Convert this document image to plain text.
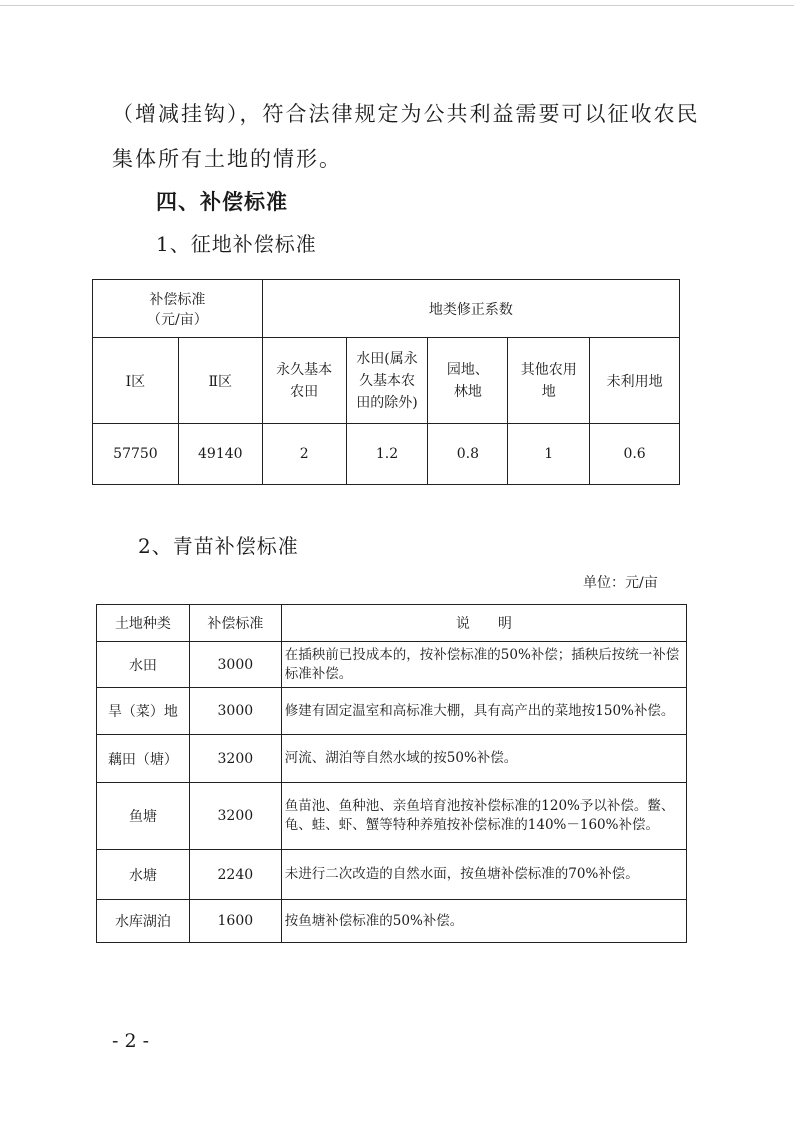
（增减挂钩），符合法律规定为公共利益需要可以征收农民
集体所有土地的情形。
四、补偿标准
1、征地补偿标准
补偿标准
（元/亩）		地类修正系数				
Ⅰ区	Ⅱ区	永久基本农田	水田(属永久基本农田的除外)	园地、林地	其他农用地	未利用地
57750	49140	2	1.2	0.8	1	0.6
2、青苗补偿标准
单位：元/亩
土地种类	补偿标准	说　　明
水田	3000	在插秧前已投成本的，按补偿标准的50%补偿；插秧后按统一补偿标准补偿。
旱（菜）地	3000	修建有固定温室和高标准大棚，具有高产出的菜地按150%补偿。
藕田（塘）	3200	河流、湖泊等自然水域的按50%补偿。
鱼塘	3200	鱼苗池、鱼种池、亲鱼培育池按补偿标准的120%予以补偿。鳖、龟、蛙、虾、蟹等特种养殖按补偿标准的140%－160%补偿。
水塘	2240	未进行二次改造的自然水面，按鱼塘补偿标准的70%补偿。
水库湖泊	1600	按鱼塘补偿标准的50%补偿。
- 2 -
